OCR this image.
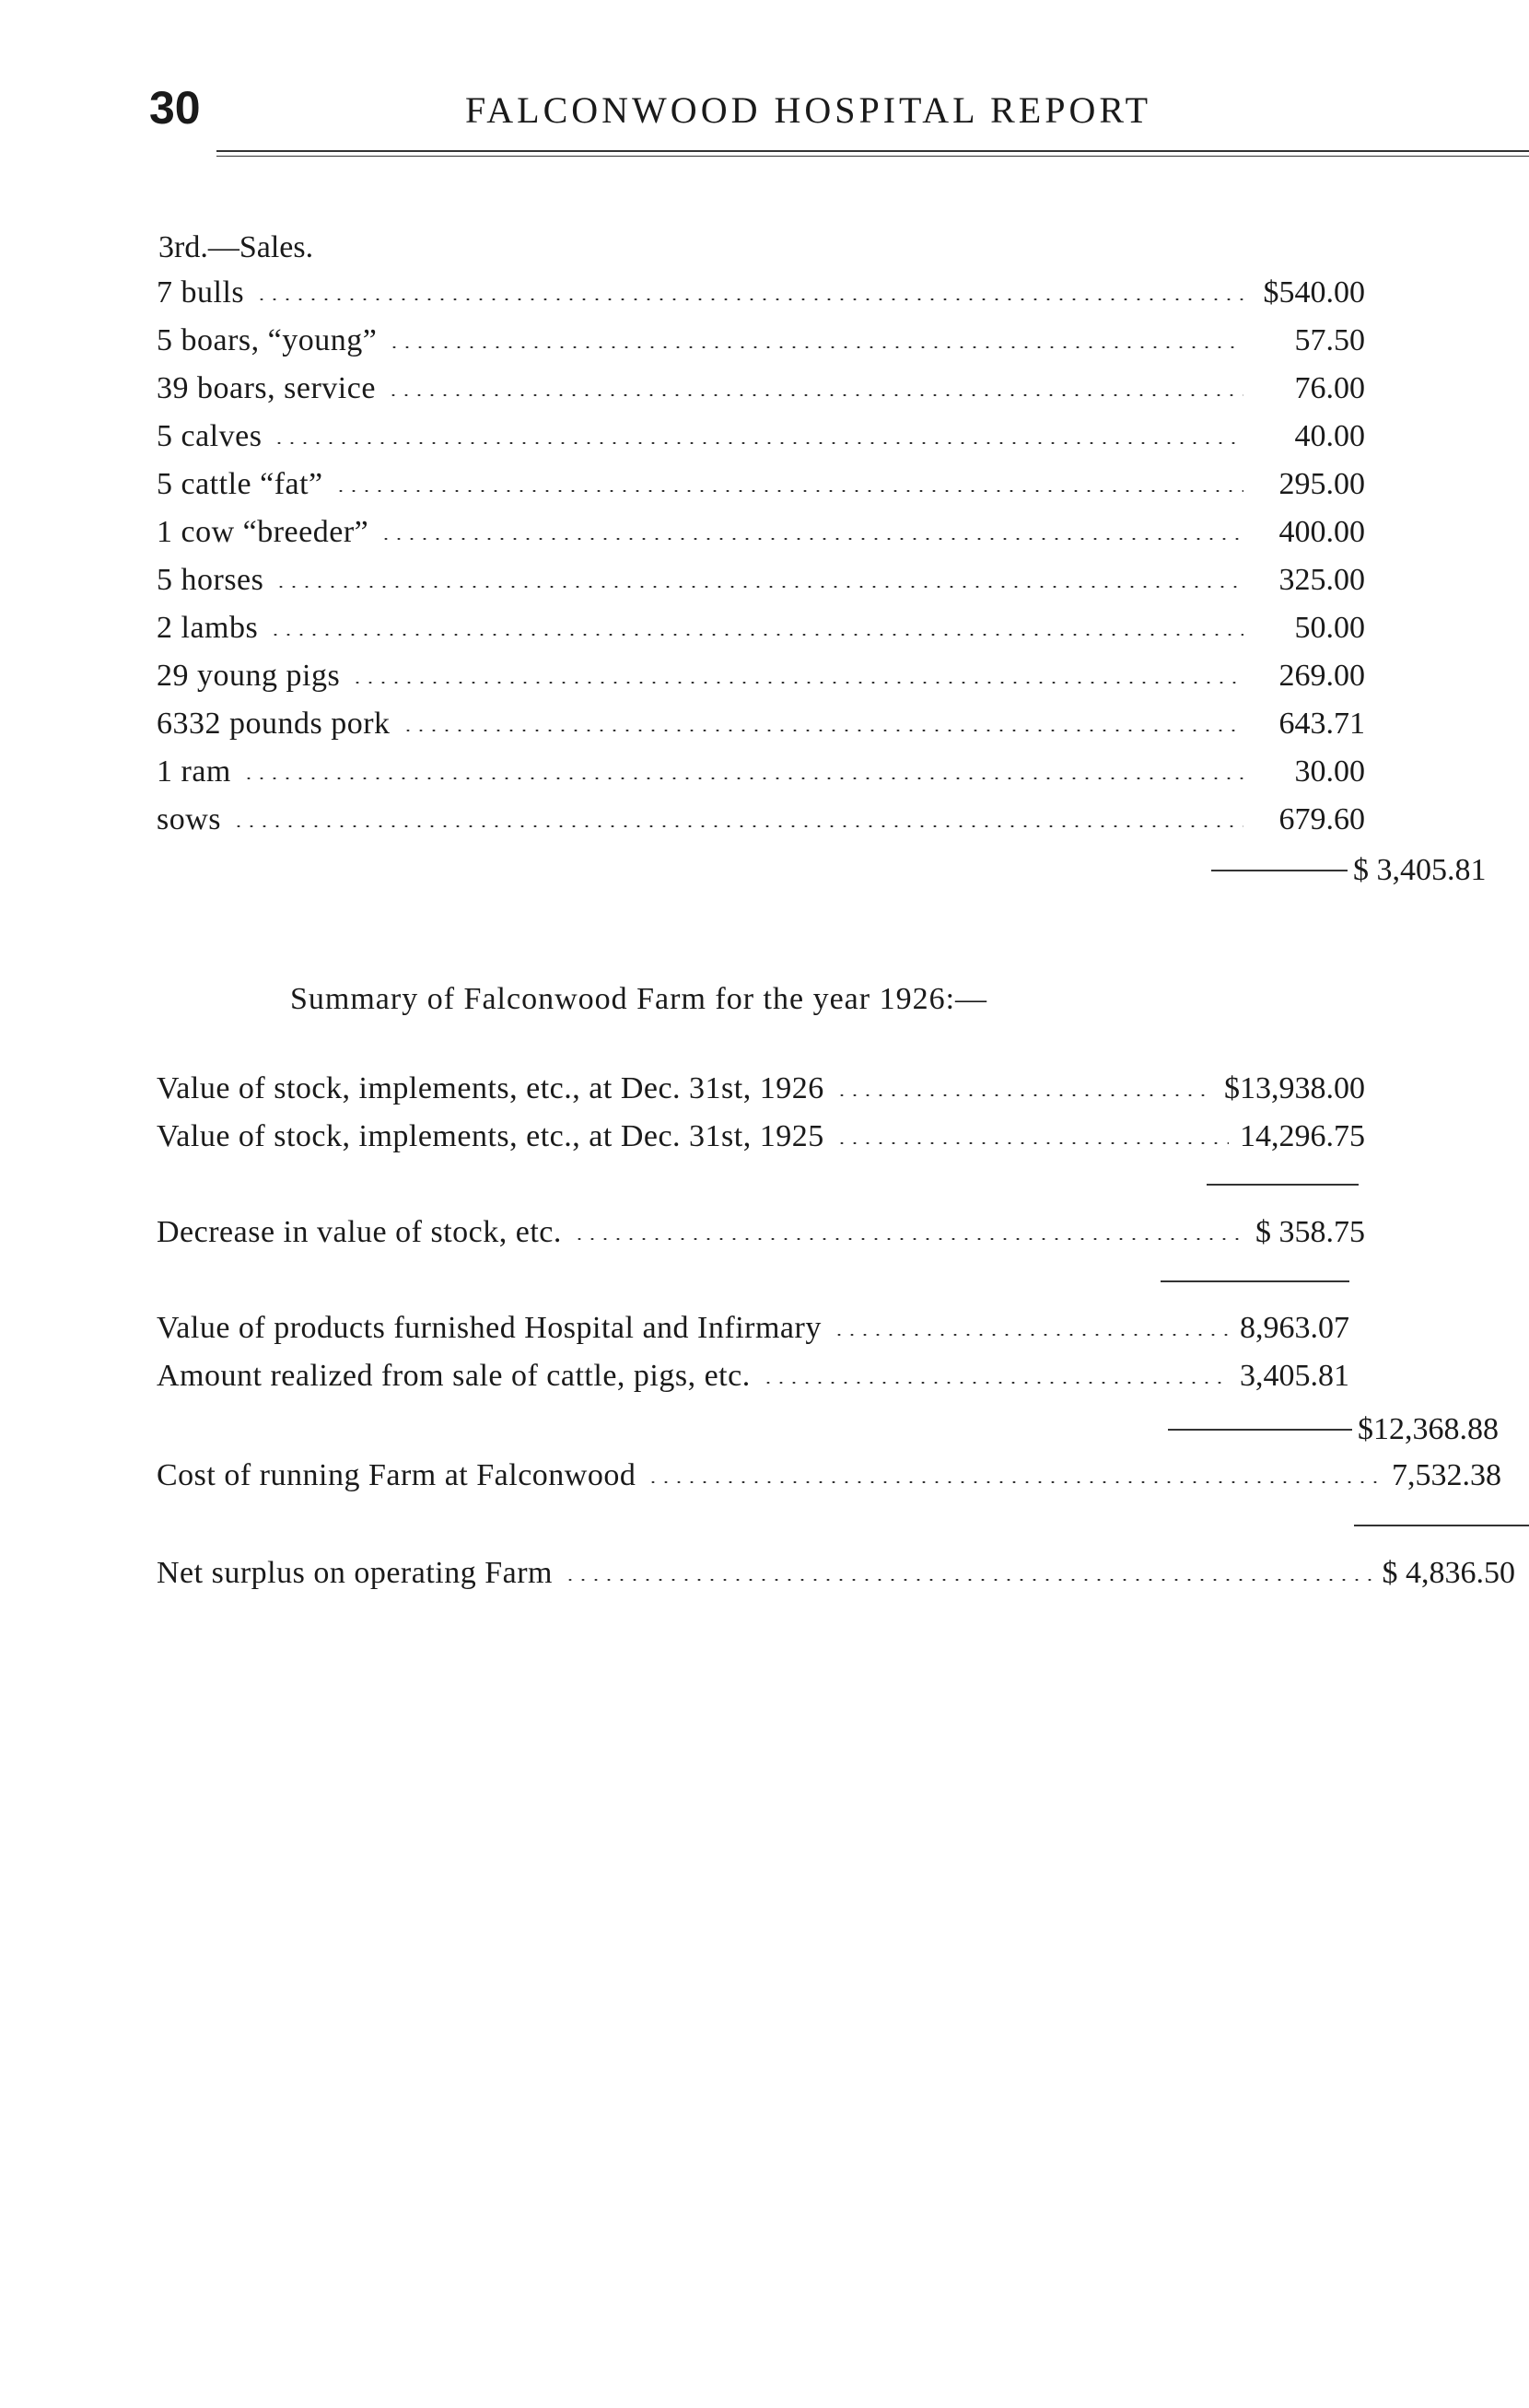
30	FALCONWOOD HOSPITAL REPORT
3rd.—Sales.
7 bulls	$540.00
5 boars, “young”	57.50
39 boars, service	76.00
5 calves	40.00
5 cattle “fat”	295.00
1 cow “breeder”	400.00
5 horses	325.00
2 lambs	50.00
29 young pigs	269.00
6332 pounds pork	643.71
1 ram	30.00
sows	679.60
$ 3,405.81
Summary of Falconwood Farm for the year 1926:—
Value of stock, implements, etc., at Dec. 31st, 1926	$13,938.00
Value of stock, implements, etc., at Dec. 31st, 1925	14,296.75
Decrease in value of stock, etc.	$ 358.75
Value of products furnished Hospital and Infirmary	8,963.07
Amount realized from sale of cattle, pigs, etc.	3,405.81
$12,368.88
Cost of running Farm at Falconwood	7,532.38
Net surplus on operating Farm	$ 4,836.50
